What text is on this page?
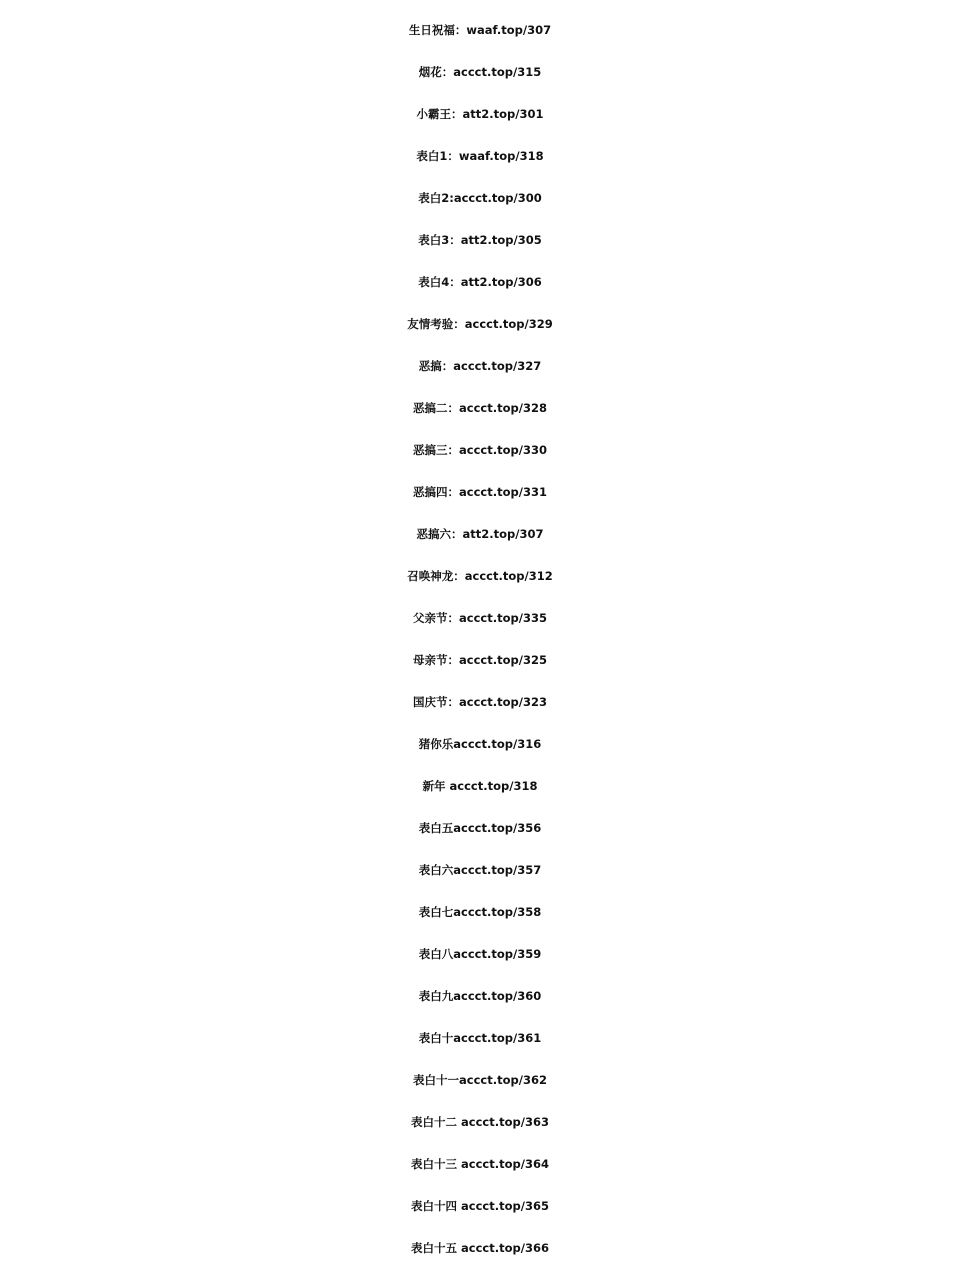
生日祝福：waaf.top/307
烟花：accct.top/315
小霸王：att2.top/301
表白1：waaf.top/318
表白2:accct.top/300
表白3：att2.top/305
表白4：att2.top/306
友情考验：accct.top/329
恶搞：accct.top/327
恶搞二：accct.top/328
恶搞三：accct.top/330
恶搞四：accct.top/331
恶搞六：att2.top/307
召唤神龙：accct.top/312
父亲节：accct.top/335
母亲节：accct.top/325
国庆节：accct.top/323
猪你乐accct.top/316
新年 accct.top/318
表白五accct.top/356
表白六accct.top/357
表白七accct.top/358
表白八accct.top/359
表白九accct.top/360
表白十accct.top/361
表白十一accct.top/362
表白十二 accct.top/363
表白十三 accct.top/364
表白十四 accct.top/365
表白十五 accct.top/366
